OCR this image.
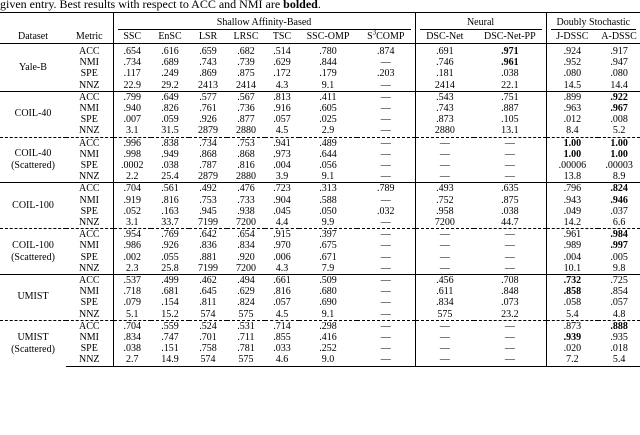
given entry. Best results with respect to ACC and NMI are bolded.

		Shallow Affinity-Based							Neural		Doubly Stochastic	

Dataset	Metric	SSC	EnSC	LSR	LRSC	TSC	SSC-OMP	$S^3COMP$	DSC-Net	DSC-Net-PP	J-DSSC	A-DSSC

Yale-B	ACC	.654	.616	.659	.682	.514	.780	.874	.691	.971	.924	.917
	NMI	.734	.689	.743	.739	.629	.844	—	.746	.961	.952	.947
	SPE	.117	.249	.869	.875	.172	.179	.203	.181	.038	.080	.080
	NNZ	22.9	29.2	2413	2414	4.3	9.1	—	2414	22.1	14.5	14.4

COIL-40	ACC	.799	.649	.577	.567	.813	.411	—	.543	.751	.899	.922
	NMI	.940	.826	.761	.736	.916	.605	—	.743	.887	.963	.967
	SPE	.007	.059	.926	.877	.057	.025	—	.873	.105	.012	.008
	NNZ	3.1	31.5	2879	2880	4.5	2.9	—	2880	13.1	8.4	5.2

COIL-40
(Scattered)	ACC	.996	.838	.734	.753	.941	.489	—	—	—	1.00	1.00
	NMI	.998	.949	.868	.868	.973	.644	—	—	—	1.00	1.00
	SPE	.0002	.038	.787	.816	.004	.056	—	—	—	.00006	.00003
	NNZ	2.2	25.4	2879	2880	3.9	9.1	—	—	—	13.8	8.9

COIL-100	ACC	.704	.561	.492	.476	.723	.313	.789	.493	.635	.796	.824
	NMI	.919	.816	.753	.733	.904	.588	—	.752	.875	.943	.946
	SPE	.052	.163	.945	.938	.045	.050	.032	.958	.038	.049	.037
	NNZ	3.1	33.7	7199	7200	4.4	9.9	—	7200	44.7	14.2	6.6

COIL-100
(Scattered)	ACC	.954	.769	.642	.654	.915	.397	—	—	—	.961	.984
	NMI	.986	.926	.836	.834	.970	.675	—	—	—	.989	.997
	SPE	.002	.055	.881	.920	.006	.671	—	—	—	.004	.005
	NNZ	2.3	25.8	7199	7200	4.3	7.9	—	—	—	10.1	9.8

UMIST	ACC	.537	.499	.462	.494	.661	.509	—	.456	.708	.732	.725
	NMI	.718	.681	.645	.629	.816	.680	—	.611	.848	.858	.854
	SPE	.079	.154	.811	.824	.057	.690	—	.834	.073	.058	.057
	NNZ	5.1	15.2	574	575	4.5	9.1	—	575	23.2	5.4	4.8

UMIST
(Scattered)	ACC	.704	.559	.524	.531	.714	.298	—	—	—	.873	.888
	NMI	.834	.747	.701	.711	.855	.416	—	—	—	.939	.935
	SPE	.038	.151	.758	.781	.033	.252	—	—	—	.020	.018
	NNZ	2.7	14.9	574	575	4.6	9.0	—	—	—	7.2	5.4
